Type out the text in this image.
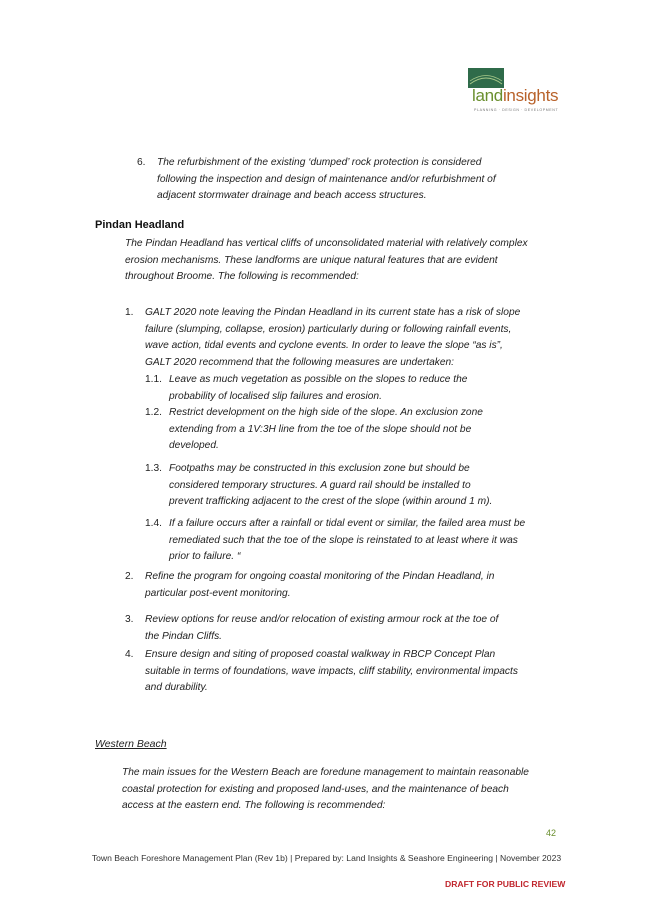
landinsights
PLANNING · DESIGN · DEVELOPMENT
6. The refurbishment of the existing ‘dumped’ rock protection is considered
following the inspection and design of maintenance and/or refurbishment of
adjacent stormwater drainage and beach access structures.
Pindan Headland
The Pindan Headland has vertical cliffs of unconsolidated material with relatively complex
erosion mechanisms. These landforms are unique natural features that are evident
throughout Broome. The following is recommended:
1. GALT 2020 note leaving the Pindan Headland in its current state has a risk of slope
failure (slumping, collapse, erosion) particularly during or following rainfall events,
wave action, tidal events and cyclone events. In order to leave the slope “as is”,
GALT 2020 recommend that the following measures are undertaken:
1.1. Leave as much vegetation as possible on the slopes to reduce the
probability of localised slip failures and erosion.
1.2. Restrict development on the high side of the slope. An exclusion zone
extending from a 1V:3H line from the toe of the slope should not be
developed.
1.3. Footpaths may be constructed in this exclusion zone but should be
considered temporary structures. A guard rail should be installed to
prevent trafficking adjacent to the crest of the slope (within around 1 m).
1.4. If a failure occurs after a rainfall or tidal event or similar, the failed area must be
remediated such that the toe of the slope is reinstated to at least where it was
prior to failure. “
2. Refine the program for ongoing coastal monitoring of the Pindan Headland, in
particular post-event monitoring.
3. Review options for reuse and/or relocation of existing armour rock at the toe of
the Pindan Cliffs.
4. Ensure design and siting of proposed coastal walkway in RBCP Concept Plan
suitable in terms of foundations, wave impacts, cliff stability, environmental impacts
and durability.
Western Beach
The main issues for the Western Beach are foredune management to maintain reasonable
coastal protection for existing and proposed land-uses, and the maintenance of beach
access at the eastern end. The following is recommended:
42
Town Beach Foreshore Management Plan (Rev 1b) | Prepared by: Land Insights & Seashore Engineering | November 2023
DRAFT FOR PUBLIC REVIEW
